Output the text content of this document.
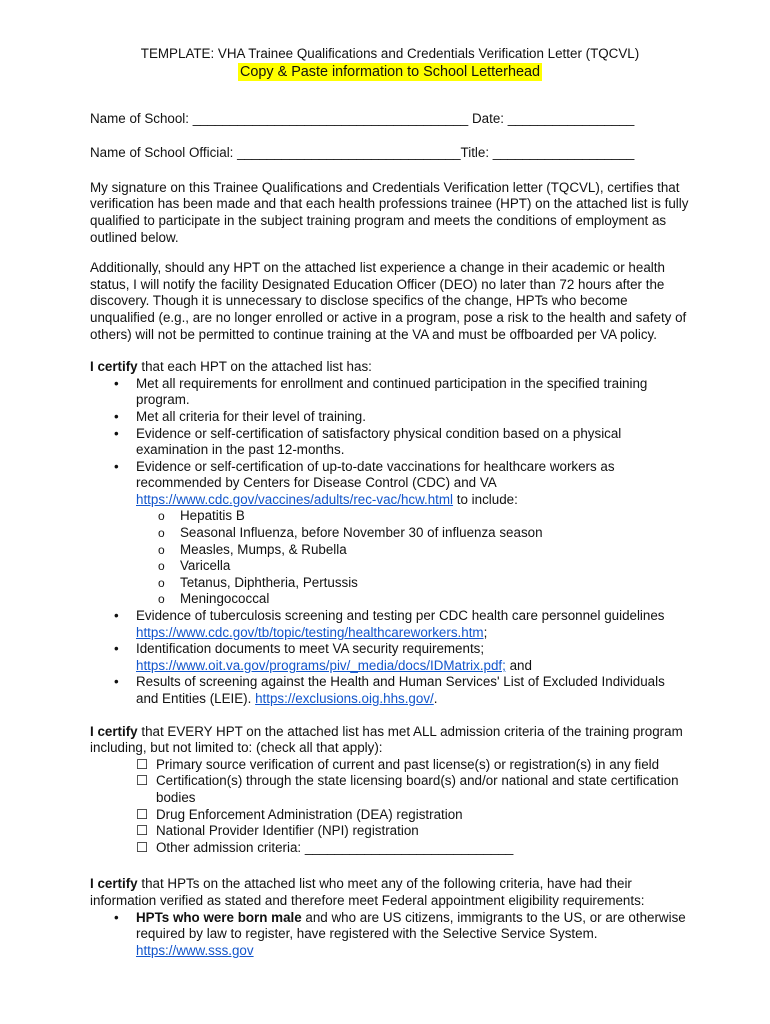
TEMPLATE: VHA Trainee Qualifications and Credentials Verification Letter (TQCVL)
Copy & Paste information to School Letterhead
Name of School: _____________________________________ Date: _________________
Name of School Official: ______________________________Title: ___________________

My signature on this Trainee Qualifications and Credentials Verification letter (TQCVL), certifies that verification has been made and that each health professions trainee (HPT) on the attached list is fully qualified to participate in the subject training program and meets the conditions of employment as outlined below.

Additionally, should any HPT on the attached list experience a change in their academic or health status, I will notify the facility Designated Education Officer (DEO) no later than 72 hours after the discovery. Though it is unnecessary to disclose specifics of the change, HPTs who become unqualified (e.g., are no longer enrolled or active in a program, pose a risk to the health and safety of others) will not be permitted to continue training at the VA and must be offboarded per VA policy.

I certify that each HPT on the attached list has:

• Met all requirements for enrollment and continued participation in the specified training program.
• Met all criteria for their level of training.
• Evidence or self-certification of satisfactory physical condition based on a physical examination in the past 12-months.
• Evidence or self-certification of up-to-date vaccinations for healthcare workers as recommended by Centers for Disease Control (CDC) and VA https://www.cdc.gov/vaccines/adults/rec-vac/hcw.html to include:
o Hepatitis B
o Seasonal Influenza, before November 30 of influenza season
o Measles, Mumps, & Rubella
o Varicella
o Tetanus, Diphtheria, Pertussis
o Meningococcal
• Evidence of tuberculosis screening and testing per CDC health care personnel guidelines https://www.cdc.gov/tb/topic/testing/healthcareworkers.htm;
• Identification documents to meet VA security requirements; https://www.oit.va.gov/programs/piv/_media/docs/IDMatrix.pdf; and
• Results of screening against the Health and Human Services' List of Excluded Individuals and Entities (LEIE). https://exclusions.oig.hhs.gov/.

I certify that EVERY HPT on the attached list has met ALL admission criteria of the training program including, but not limited to: (check all that apply):

☐ Primary source verification of current and past license(s) or registration(s) in any field
☐ Certification(s) through the state licensing board(s) and/or national and state certification bodies
☐ Drug Enforcement Administration (DEA) registration
☐ National Provider Identifier (NPI) registration
☐ Other admission criteria: ____________________________

I certify that HPTs on the attached list who meet any of the following criteria, have had their information verified as stated and therefore meet Federal appointment eligibility requirements:

• HPTs who were born male and who are US citizens, immigrants to the US, or are otherwise required by law to register, have registered with the Selective Service System. https://www.sss.gov
